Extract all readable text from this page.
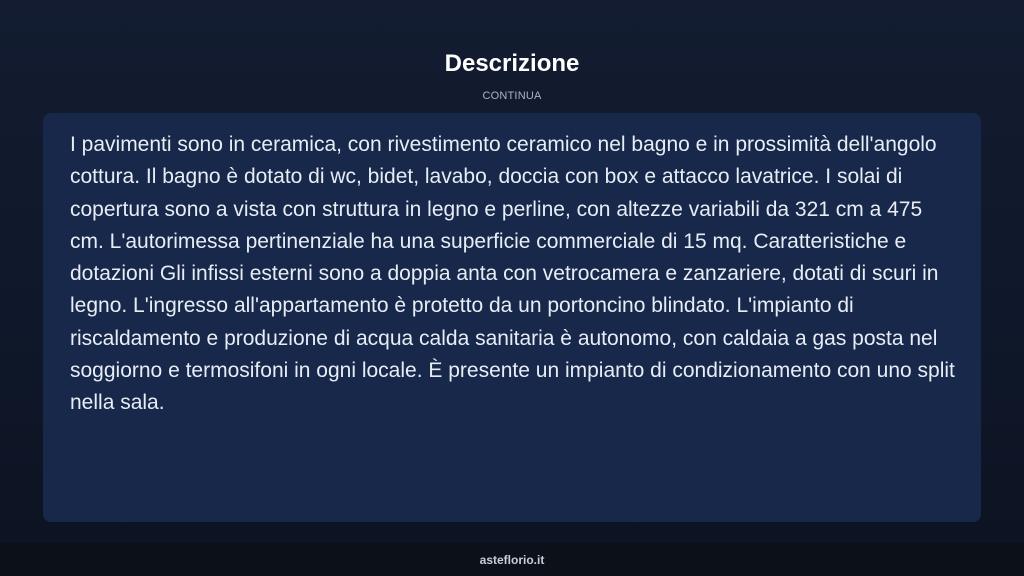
Descrizione
CONTINUA

I pavimenti sono in ceramica, con rivestimento ceramico nel bagno e in prossimità dell'angolo cottura. Il bagno è dotato di wc, bidet, lavabo, doccia con box e attacco lavatrice. I solai di copertura sono a vista con struttura in legno e perline, con altezze variabili da 321 cm a 475 cm. L'autorimessa pertinenziale ha una superficie commerciale di 15 mq. Caratteristiche e dotazioni Gli infissi esterni sono a doppia anta con vetrocamera e zanzariere, dotati di scuri in legno. L'ingresso all'appartamento è protetto da un portoncino blindato. L'impianto di riscaldamento e produzione di acqua calda sanitaria è autonomo, con caldaia a gas posta nel soggiorno e termosifoni in ogni locale. È presente un impianto di condizionamento con uno split nella sala.

asteflorio.it
